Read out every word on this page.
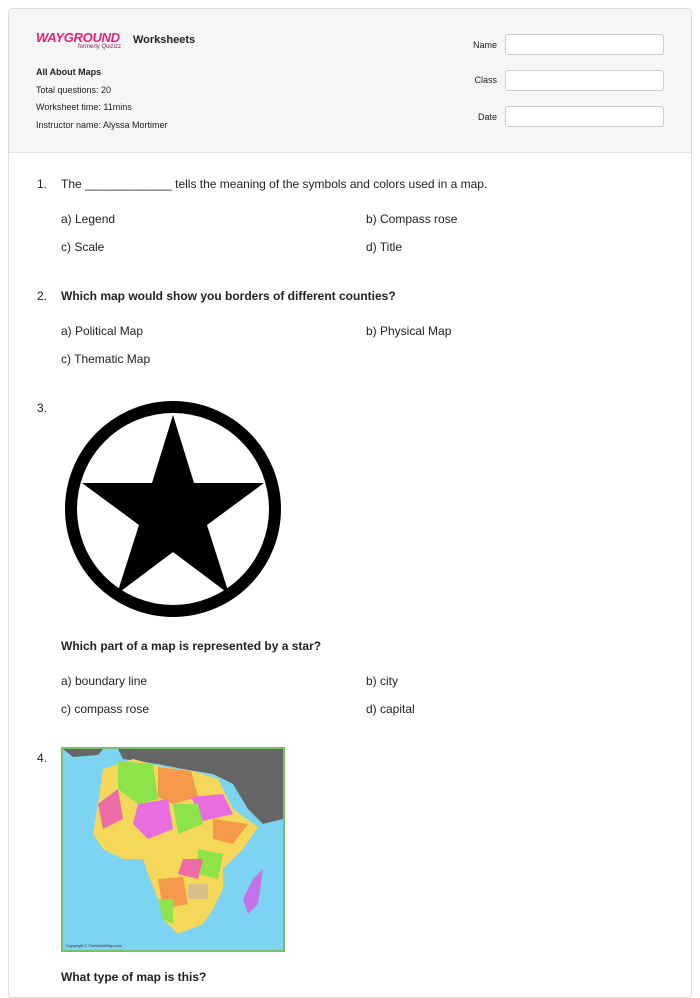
WAYGROUND
formerly Quizizz
Worksheets
All About Maps
Total questions: 20
Worksheet time: 11mins
Instructor name: Alyssa Mortimer
Name
Class
Date
1. The _____________ tells the meaning of the symbols and colors used in a map.
a) Legend	b) Compass rose
c) Scale	d) Title
2. Which map would show you borders of different counties?
a) Political Map	b) Physical Map
c) Thematic Map
3.
Which part of a map is represented by a star?
a) boundary line	b) city
c) compass rose	d) capital
4.
Copyright © TheWorldMap.com
What type of map is this?
